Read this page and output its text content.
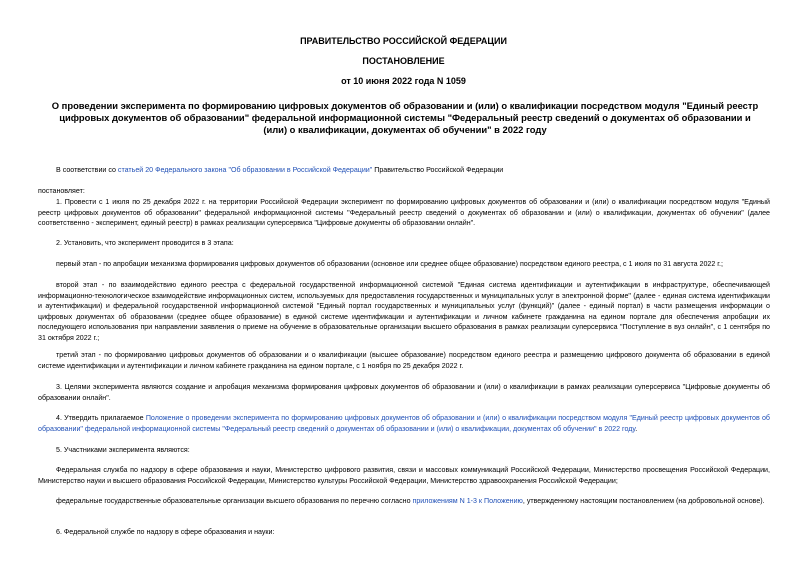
ПРАВИТЕЛЬСТВО РОССИЙСКОЙ ФЕДЕРАЦИИ
ПОСТАНОВЛЕНИЕ
от 10 июня 2022 года N 1059
О проведении эксперимента по формированию цифровых документов об образовании и (или) о квалификации посредством модуля "Единый реестр цифровых документов об образовании" федеральной информационной системы "Федеральный реестр сведений о документах об образовании и (или) о квалификации, документах об обучении" в 2022 году

В соответствии со статьей 20 Федерального закона "Об образовании в Российской Федерации" Правительство Российской Федерации

постановляет:

1. Провести с 1 июля по 25 декабря 2022 г. на территории Российской Федерации эксперимент по формированию цифровых документов об образовании и (или) о квалификации посредством модуля "Единый реестр цифровых документов об образовании" федеральной информационной системы "Федеральный реестр сведений о документах об образовании и (или) о квалификации, документах об обучении" (далее соответственно - эксперимент, единый реестр) в рамках реализации суперсервиса "Цифровые документы об образовании онлайн".

2. Установить, что эксперимент проводится в 3 этапа:

первый этап - по апробации механизма формирования цифровых документов об образовании (основное или среднее общее образование) посредством единого реестра, с 1 июля по 31 августа 2022 г.;

второй этап - по взаимодействию единого реестра с федеральной государственной информационной системой "Единая система идентификации и аутентификации в инфраструктуре, обеспечивающей информационно-технологическое взаимодействие информационных систем, используемых для предоставления государственных и муниципальных услуг в электронной форме" (далее - единая система идентификации и аутентификации) и федеральной государственной информационной системой "Единый портал государственных и муниципальных услуг (функций)" (далее - единый портал) в части размещения информации о цифровых документах об образовании (среднее общее образование) в единой системе идентификации и аутентификации и личном кабинете гражданина на едином портале для обеспечения апробации их последующего использования при направлении заявления о приеме на обучение в образовательные организации высшего образования в рамках реализации суперсервиса "Поступление в вуз онлайн", с 1 сентября по 31 октября 2022 г.;

третий этап - по формированию цифровых документов об образовании и о квалификации (высшее образование) посредством единого реестра и размещению цифрового документа об образовании в единой системе идентификации и аутентификации и личном кабинете гражданина на едином портале, с 1 ноября по 25 декабря 2022 г.

3. Целями эксперимента являются создание и апробация механизма формирования цифровых документов об образовании и (или) о квалификации в рамках реализации суперсервиса "Цифровые документы об образовании онлайн".

4. Утвердить прилагаемое Положение о проведении эксперимента по формированию цифровых документов об образовании и (или) о квалификации посредством модуля "Единый реестр цифровых документов об образовании" федеральной информационной системы "Федеральный реестр сведений о документах об образовании и (или) о квалификации, документах об обучении" в 2022 году.

5. Участниками эксперимента являются:

Федеральная служба по надзору в сфере образования и науки, Министерство цифрового развития, связи и массовых коммуникаций Российской Федерации, Министерство просвещения Российской Федерации, Министерство науки и высшего образования Российской Федерации, Министерство культуры Российской Федерации, Министерство здравоохранения Российской Федерации;

федеральные государственные образовательные организации высшего образования по перечню согласно приложениям N 1-3 к Положению, утвержденному настоящим постановлением (на добровольной основе).

6. Федеральной службе по надзору в сфере образования и науки:
